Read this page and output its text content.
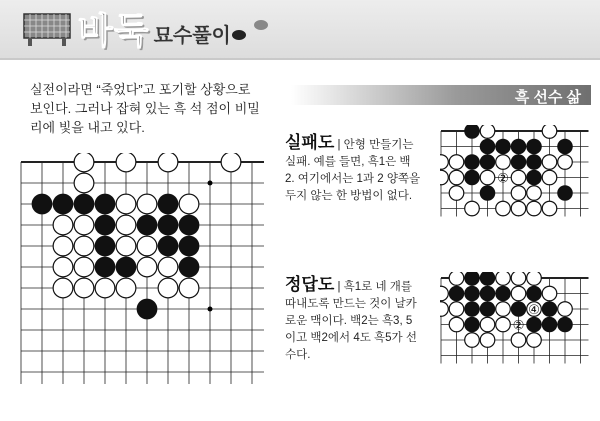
바둑 묘수풀이
실전이라면 “죽었다”고 포기할 상황으로
보인다. 그러나 잡혀 있는 흑 석 점이 비밀
리에 빛을 내고 있다.
흑 선수 삶
②
④
②
실패도 | 안형 만들기는
실패. 예를 들면, 흑1은 백
2. 여기에서는 1과 2 양쪽을
두지 않는 한 방법이 없다.
정답도 | 흑1로 네 개를
따내도록 만드는 것이 날카
로운 맥이다. 백2는 흑3, 5
이고 백2에서 4도 흑5가 선
수다.
